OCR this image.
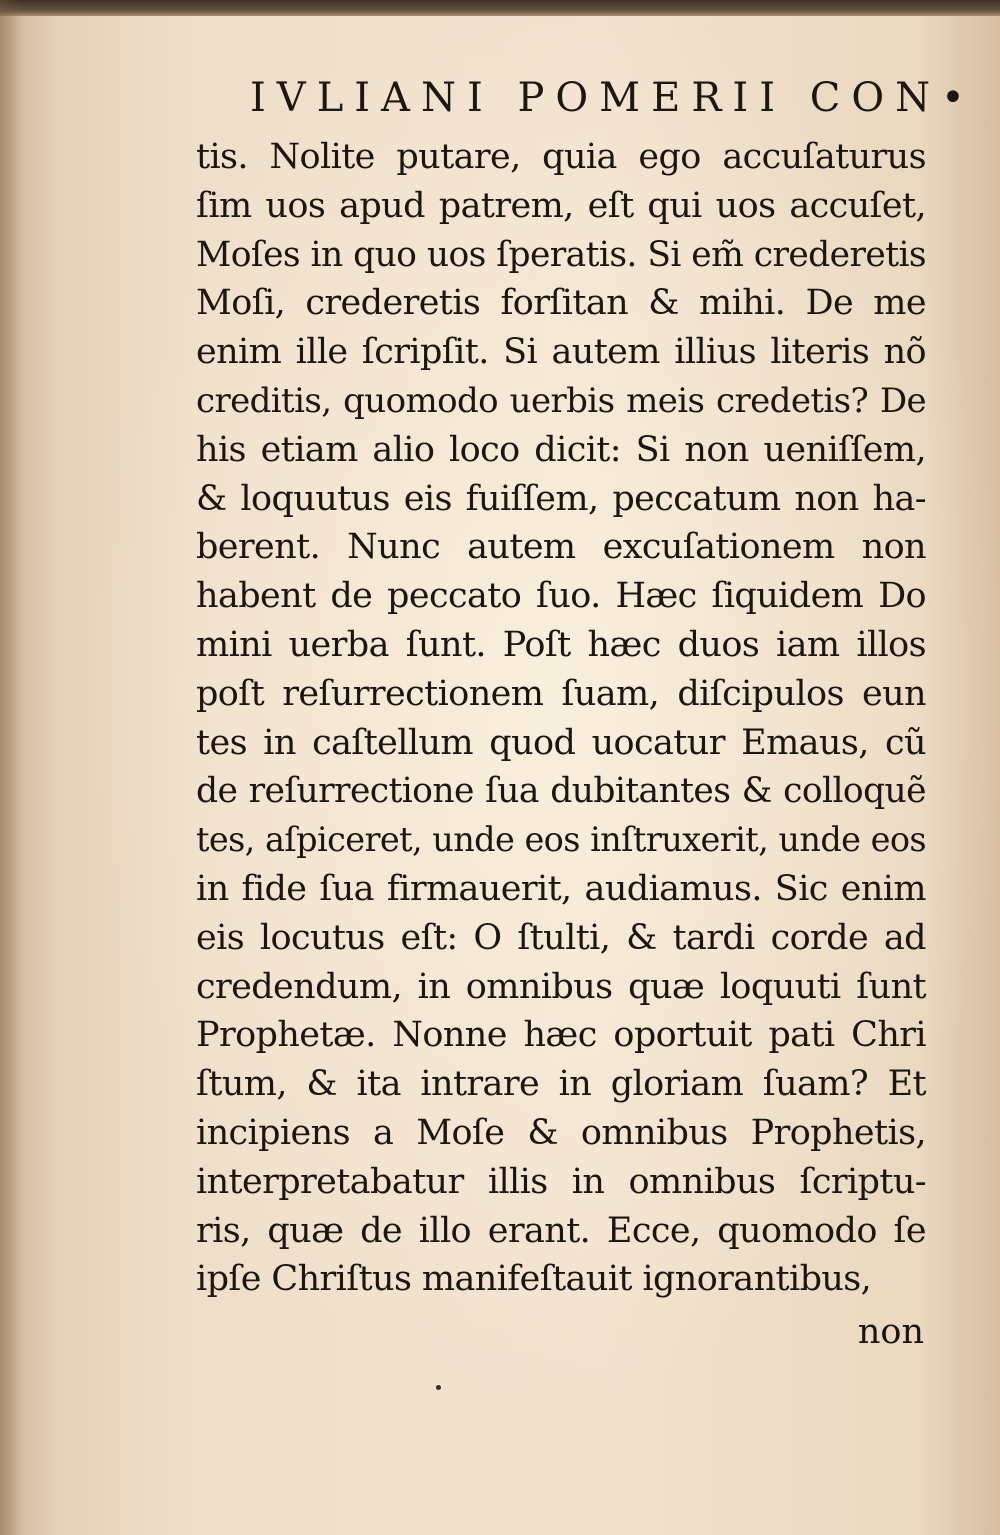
IVLIANI POMERII CON•
tis. Nolite putare, quia ego accuſaturus
ſim uos apud patrem, eſt qui uos accuſet,
Moſes in quo uos ſperatis. Si em̃ crederetis
Moſi, crederetis forſitan & mihi. De me
enim ille ſcripſit. Si autem illius literis nõ
creditis, quomodo uerbis meis credetis? De
his etiam alio loco dicit: Si non ueniſſem,
& loquutus eis fuiſſem, peccatum non ha-
berent. Nunc autem excuſationem non
habent de peccato ſuo. Hæc ſiquidem Do
mini uerba ſunt. Poſt hæc duos iam illos
poſt reſurrectionem ſuam, diſcipulos eun
tes in caſtellum quod uocatur Emaus, cũ
de reſurrectione ſua dubitantes & colloquẽ
tes, aſpiceret, unde eos inſtruxerit, unde eos
in fide ſua firmauerit, audiamus. Sic enim
eis locutus eſt: O ſtulti, & tardi corde ad
credendum, in omnibus quæ loquuti ſunt
Prophetæ. Nonne hæc oportuit pati Chri
ſtum, & ita intrare in gloriam ſuam? Et
incipiens a Moſe & omnibus Prophetis,
interpretabatur illis in omnibus ſcriptu-
ris, quæ de illo erant. Ecce, quomodo ſe
ipſe Chriſtus manifeſtauit ignorantibus,
non
